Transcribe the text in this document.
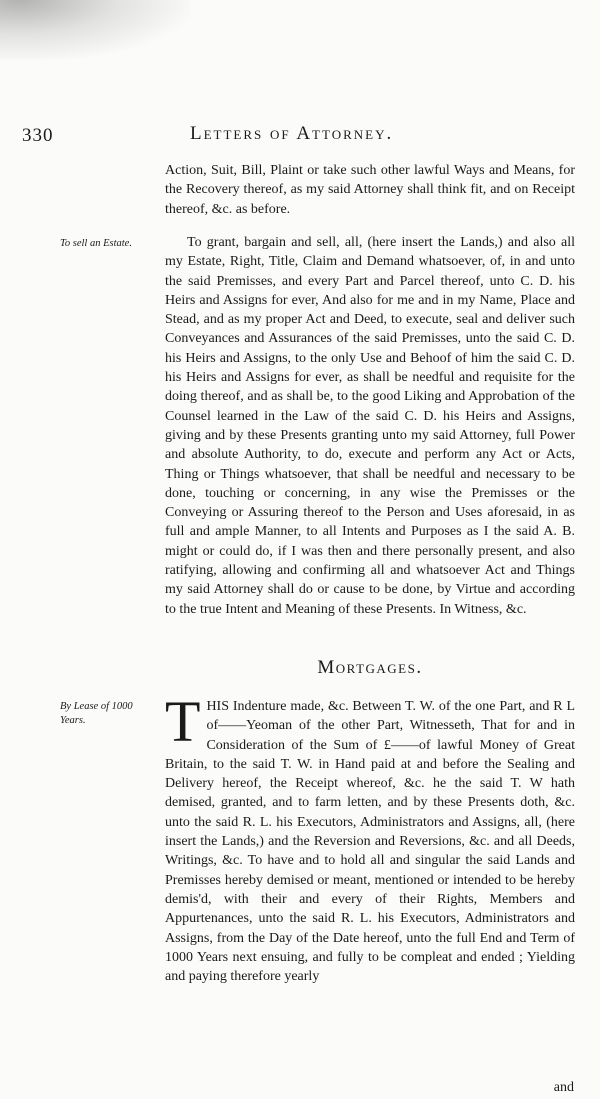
330	Letters of Attorney.

Action, Suit, Bill, Plaint or take such other lawful Ways and Means, for the Recovery thereof, as my said Attorney shall think fit, and on Receipt thereof, &c. as before.

To sell an Estate.	To grant, bargain and sell, all, (here insert the Lands,) and also all my Estate, Right, Title, Claim and Demand whatsoever, of, in and unto the said Premisses, and every Part and Parcel thereof, unto C. D. his Heirs and Assigns for ever, And also for me and in my Name, Place and Stead, and as my proper Act and Deed, to execute, seal and deliver such Conveyances and Assurances of the said Premisses, unto the said C. D. his Heirs and Assigns, to the only Use and Behoof of him the said C. D. his Heirs and Assigns for ever, as shall be needful and requisite for the doing thereof, and as shall be, to the good Liking and Approbation of the Counsel learned in the Law of the said C. D. his Heirs and Assigns, giving and by these Presents granting unto my said Attorney, full Power and absolute Authority, to do, execute and perform any Act or Acts, Thing or Things whatsoever, that shall be needful and necessary to be done, touching or concerning, in any wise the Premisses or the Conveying or Assuring thereof to the Person and Uses aforesaid, in as full and ample Manner, to all Intents and Purposes as I the said A. B. might or could do, if I was then and there personally present, and also ratifying, allowing and confirming all and whatsoever Act and Things my said Attorney shall do or cause to be done, by Virtue and according to the true Intent and Meaning of these Presents. In Witness, &c.

Mortgages.
By Lease of 1000 Years.	T HIS Indenture made, &c. Between T. W. of the one Part, and R L of——Yeoman of the other Part, Witnesseth, That for and in Consideration of the Sum of £——of lawful Money of Great Britain, to the said T. W. in Hand paid at and before the Sealing and Delivery hereof, the Receipt whereof, &c. he the said T. W hath demised, granted, and to farm letten, and by these Presents doth, &c. unto the said R. L. his Executors, Administrators and Assigns, all, (here insert the Lands,) and the Reversion and Reversions, &c. and all Deeds, Writings, &c. To have and to hold all and singular the said Lands and Premisses hereby demised or meant, mentioned or intended to be hereby demis'd, with their and every of their Rights, Members and Appurtenances, unto the said R. L. his Executors, Administrators and Assigns, from the Day of the Date hereof, unto the full End and Term of 1000 Years next ensuing, and fully to be compleat and ended ; Yielding and paying therefore yearly

and
